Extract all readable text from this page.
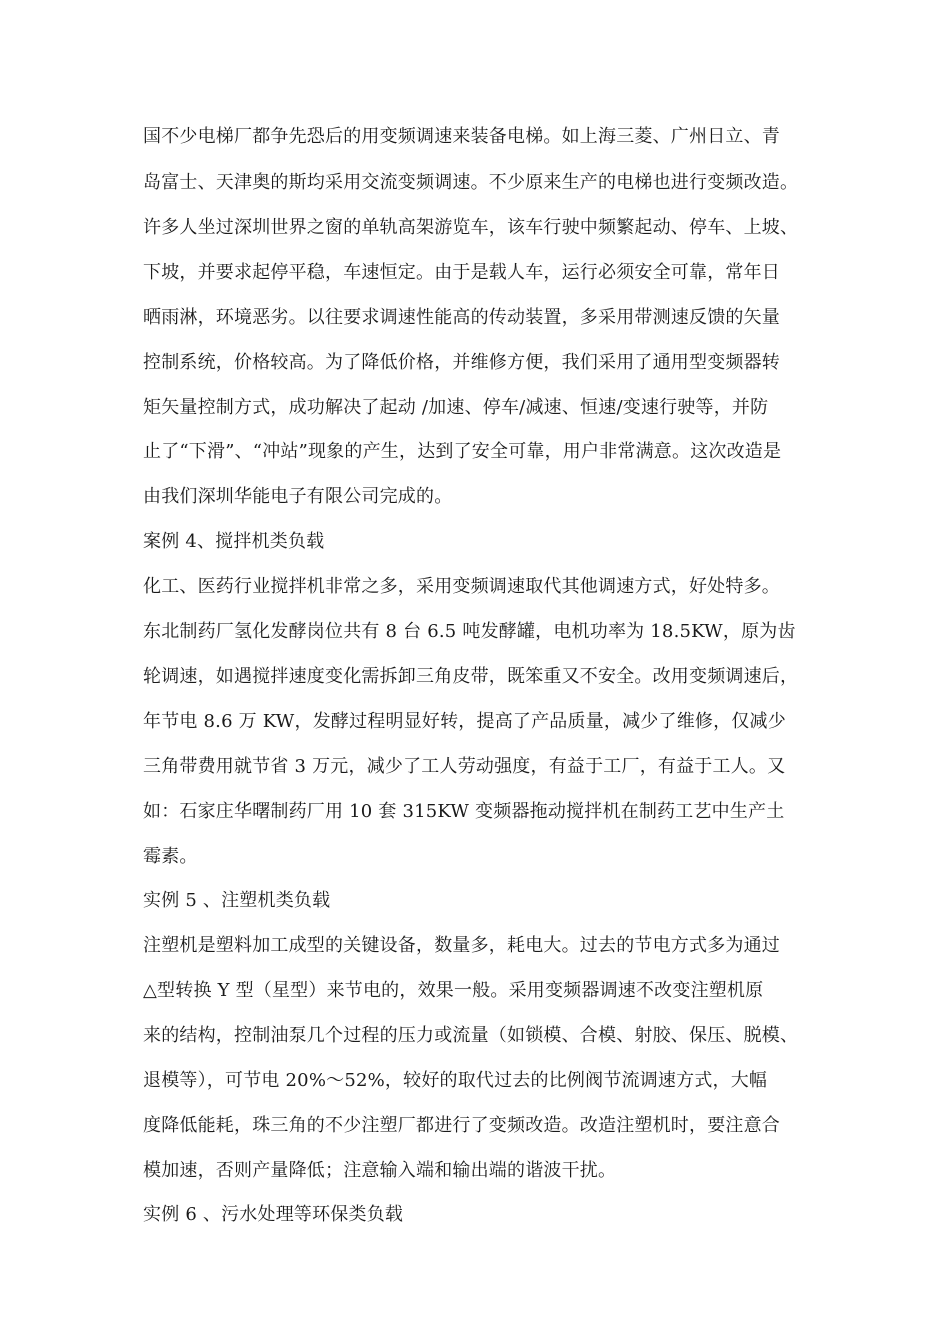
国不少电梯厂都争先恐后的用变频调速来装备电梯。如上海三菱、广州日立、青
岛富士、天津奥的斯均采用交流变频调速。不少原来生产的电梯也进行变频改造。
许多人坐过深圳世界之窗的单轨高架游览车，该车行驶中频繁起动、停车、上坡、
下坡，并要求起停平稳，车速恒定。由于是载人车，运行必须安全可靠，常年日
晒雨淋，环境恶劣。以往要求调速性能高的传动装置，多采用带测速反馈的矢量
控制系统，价格较高。为了降低价格，并维修方便，我们采用了通用型变频器转
矩矢量控制方式，成功解决了起动 /加速、停车/减速、恒速/变速行驶等，并防
止了“下滑”、“冲站”现象的产生，达到了安全可靠，用户非常满意。这次改造是
由我们深圳华能电子有限公司完成的。
案例 4、搅拌机类负载
化工、医药行业搅拌机非常之多，采用变频调速取代其他调速方式，好处特多。
东北制药厂氢化发酵岗位共有 8 台 6.5 吨发酵罐，电机功率为 18.5KW，原为齿
轮调速，如遇搅拌速度变化需拆卸三角皮带，既笨重又不安全。改用变频调速后，
年节电 8.6 万 KW，发酵过程明显好转，提高了产品质量，减少了维修，仅减少
三角带费用就节省 3 万元，减少了工人劳动强度，有益于工厂，有益于工人。又
如：石家庄华曙制药厂用 10 套 315KW 变频器拖动搅拌机在制药工艺中生产土
霉素。
实例 5 、注塑机类负载
注塑机是塑料加工成型的关键设备，数量多，耗电大。过去的节电方式多为通过
△型转换 Y 型（星型）来节电的，效果一般。采用变频器调速不改变注塑机原
来的结构，控制油泵几个过程的压力或流量（如锁模、合模、射胶、保压、脱模、
退模等），可节电 20%～52%，较好的取代过去的比例阀节流调速方式，大幅
度降低能耗，珠三角的不少注塑厂都进行了变频改造。改造注塑机时，要注意合
模加速，否则产量降低；注意输入端和输出端的谐波干扰。
实例 6 、污水处理等环保类负载
